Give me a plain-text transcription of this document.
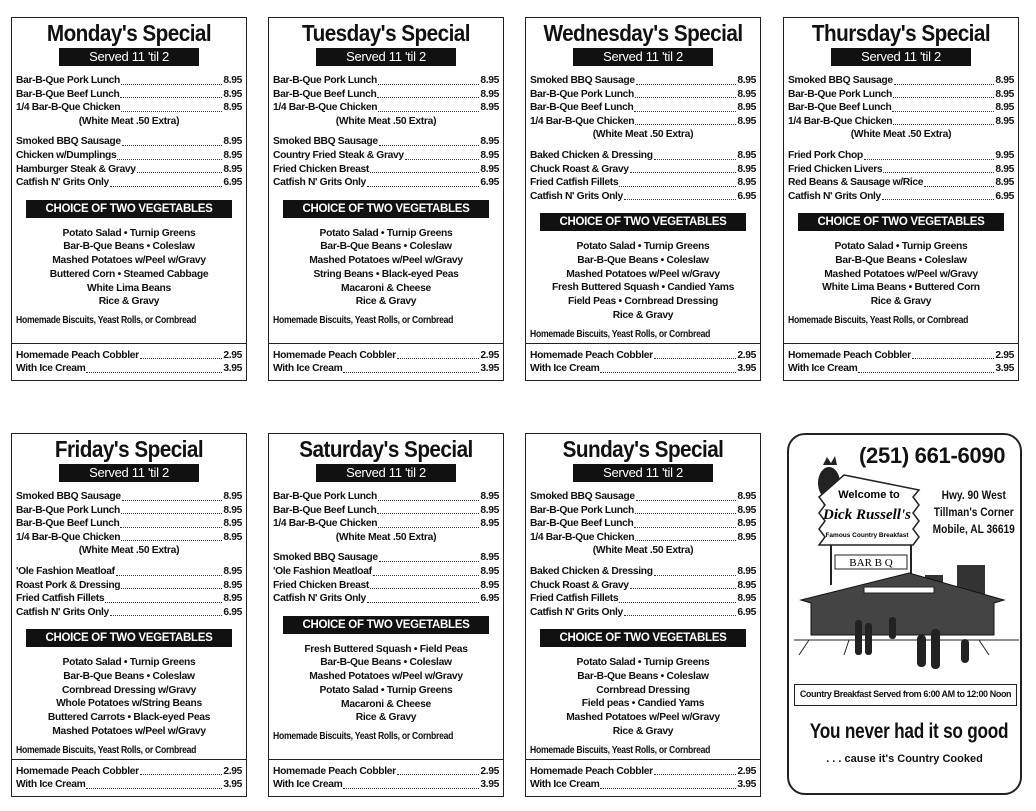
Monday's Special
Served 11 'til 2
Bar-B-Que Pork Lunch	8.95
Bar-B-Que Beef Lunch	8.95
1/4 Bar-B-Que Chicken	8.95
(White Meat .50 Extra)
Smoked BBQ Sausage	8.95
Chicken w/Dumplings	8.95
Hamburger Steak & Gravy	8.95
Catfish N' Grits Only	6.95
CHOICE OF TWO VEGETABLES
Potato Salad • Turnip Greens
Bar-B-Que Beans • Coleslaw
Mashed Potatoes w/Peel w/Gravy
Buttered Corn • Steamed Cabbage
White Lima Beans
Rice & Gravy
Homemade Biscuits, Yeast Rolls, or Cornbread
Homemade Peach Cobbler	2.95
With Ice Cream	3.95
Tuesday's Special
Served 11 'til 2
Bar-B-Que Pork Lunch	8.95
Bar-B-Que Beef Lunch	8.95
1/4 Bar-B-Que Chicken	8.95
(White Meat .50 Extra)
Smoked BBQ Sausage	8.95
Country Fried Steak & Gravy	8.95
Fried Chicken Breast	8.95
Catfish N' Grits Only	6.95
CHOICE OF TWO VEGETABLES
Potato Salad • Turnip Greens
Bar-B-Que Beans • Coleslaw
Mashed Potatoes w/Peel w/Gravy
String Beans • Black-eyed Peas
Macaroni & Cheese
Rice & Gravy
Homemade Biscuits, Yeast Rolls, or Cornbread
Homemade Peach Cobbler	2.95
With Ice Cream	3.95
Wednesday's Special
Served 11 'til 2
Smoked BBQ Sausage	8.95
Bar-B-Que Pork Lunch	8.95
Bar-B-Que Beef Lunch	8.95
1/4 Bar-B-Que Chicken	8.95
(White Meat .50 Extra)
Baked Chicken & Dressing	8.95
Chuck Roast & Gravy	8.95
Fried Catfish Fillets	8.95
Catfish N' Grits Only	6.95
CHOICE OF TWO VEGETABLES
Potato Salad • Turnip Greens
Bar-B-Que Beans • Coleslaw
Mashed Potatoes w/Peel w/Gravy
Fresh Buttered Squash • Candied Yams
Field Peas • Cornbread Dressing
Rice & Gravy
Homemade Biscuits, Yeast Rolls, or Cornbread
Homemade Peach Cobbler	2.95
With Ice Cream	3.95
Thursday's Special
Served 11 'til 2
Smoked BBQ Sausage	8.95
Bar-B-Que Pork Lunch	8.95
Bar-B-Que Beef Lunch	8.95
1/4 Bar-B-Que Chicken	8.95
(White Meat .50 Extra)
Fried Pork Chop	9.95
Fried Chicken Livers	8.95
Red Beans & Sausage w/Rice	8.95
Catfish N' Grits Only	6.95
CHOICE OF TWO VEGETABLES
Potato Salad • Turnip Greens
Bar-B-Que Beans • Coleslaw
Mashed Potatoes w/Peel w/Gravy
White Lima Beans • Buttered Corn
Rice & Gravy
Homemade Biscuits, Yeast Rolls, or Cornbread
Homemade Peach Cobbler	2.95
With Ice Cream	3.95
Friday's Special
Served 11 'til 2
Smoked BBQ Sausage	8.95
Bar-B-Que Pork Lunch	8.95
Bar-B-Que Beef Lunch	8.95
1/4 Bar-B-Que Chicken	8.95
(White Meat .50 Extra)
'Ole Fashion Meatloaf	8.95
Roast Pork & Dressing	8.95
Fried Catfish Fillets	8.95
Catfish N' Grits Only	6.95
CHOICE OF TWO VEGETABLES
Potato Salad • Turnip Greens
Bar-B-Que Beans • Coleslaw
Cornbread Dressing w/Gravy
Whole Potatoes w/String Beans
Buttered Carrots • Black-eyed Peas
Mashed Potatoes w/Peel w/Gravy
Homemade Biscuits, Yeast Rolls, or Cornbread
Homemade Peach Cobbler	2.95
With Ice Cream	3.95
Saturday's Special
Served 11 'til 2
Bar-B-Que Pork Lunch	8.95
Bar-B-Que Beef Lunch	8.95
1/4 Bar-B-Que Chicken	8.95
(White Meat .50 Extra)
Smoked BBQ Sausage	8.95
'Ole Fashion Meatloaf	8.95
Fried Chicken Breast	8.95
Catfish N' Grits Only	6.95
CHOICE OF TWO VEGETABLES
Fresh Buttered Squash • Field Peas
Bar-B-Que Beans • Coleslaw
Mashed Potatoes w/Peel w/Gravy
Potato Salad • Turnip Greens
Macaroni & Cheese
Rice & Gravy
Homemade Biscuits, Yeast Rolls, or Cornbread
Homemade Peach Cobbler	2.95
With Ice Cream	3.95
Sunday's Special
Served 11 'til 2
Smoked BBQ Sausage	8.95
Bar-B-Que Pork Lunch	8.95
Bar-B-Que Beef Lunch	8.95
1/4 Bar-B-Que Chicken	8.95
(White Meat .50 Extra)
Baked Chicken & Dressing	8.95
Chuck Roast & Gravy	8.95
Fried Catfish Fillets	8.95
Catfish N' Grits Only	6.95
CHOICE OF TWO VEGETABLES
Potato Salad • Turnip Greens
Bar-B-Que Beans • Coleslaw
Cornbread Dressing
Field peas • Candied Yams
Mashed Potatoes w/Peel w/Gravy
Rice & Gravy
Homemade Biscuits, Yeast Rolls, or Cornbread
Homemade Peach Cobbler	2.95
With Ice Cream	3.95
(251) 661-6090
Welcome to
Dick Russell's
Famous Country Breakfast
BAR B Q
Hwy. 90 West
Tillman's Corner
Mobile, AL 36619
Country Breakfast Served from 6:00 AM to 12:00 Noon
You never had it so good
. . . cause it's Country Cooked
